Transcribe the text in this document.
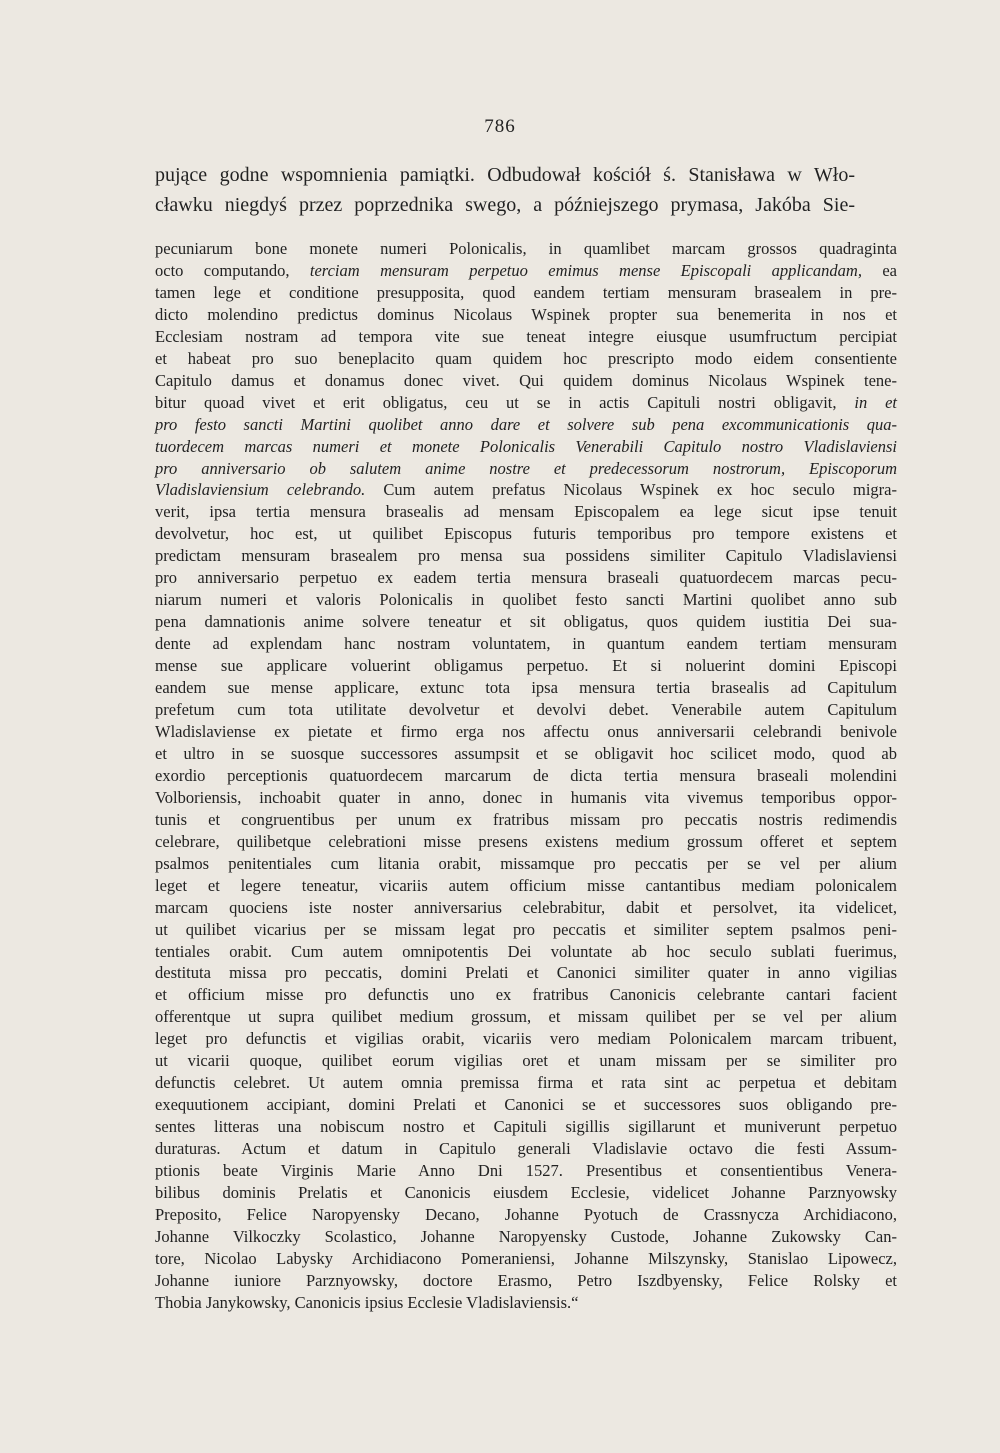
786
pujące godne wspomnienia pamiątki. Odbudował kościół ś. Stanisława w Wło-
cławku niegdyś przez poprzednika swego, a późniejszego prymasa, Jakóba Sie-
pecuniarum bone monete numeri Polonicalis, in quamlibet marcam grossos quadraginta
octo computando, terciam mensuram perpetuo emimus mense Episcopali applicandam, ea
tamen lege et conditione presupposita, quod eandem tertiam mensuram brasealem in pre-
dicto molendino predictus dominus Nicolaus Wspinek propter sua benemerita in nos et
Ecclesiam nostram ad tempora vite sue teneat integre eiusque usumfructum percipiat
et habeat pro suo beneplacito quam quidem hoc prescripto modo eidem consentiente
Capitulo damus et donamus donec vivet. Qui quidem dominus Nicolaus Wspinek tene-
bitur quoad vivet et erit obligatus, ceu ut se in actis Capituli nostri obligavit, in et
pro festo sancti Martini quolibet anno dare et solvere sub pena excommunicationis qua-
tuordecem marcas numeri et monete Polonicalis Venerabili Capitulo nostro Vladislaviensi
pro anniversario ob salutem anime nostre et predecessorum nostrorum, Episcoporum
Vladislaviensium celebrando. Cum autem prefatus Nicolaus Wspinek ex hoc seculo migra-
verit, ipsa tertia mensura brasealis ad mensam Episcopalem ea lege sicut ipse tenuit
devolvetur, hoc est, ut quilibet Episcopus futuris temporibus pro tempore existens et
predictam mensuram brasealem pro mensa sua possidens similiter Capitulo Vladislaviensi
pro anniversario perpetuo ex eadem tertia mensura braseali quatuordecem marcas pecu-
niarum numeri et valoris Polonicalis in quolibet festo sancti Martini quolibet anno sub
pena damnationis anime solvere teneatur et sit obligatus, quos quidem iustitia Dei sua-
dente ad explendam hanc nostram voluntatem, in quantum eandem tertiam mensuram
mense sue applicare voluerint obligamus perpetuo. Et si noluerint domini Episcopi
eandem sue mense applicare, extunc tota ipsa mensura tertia brasealis ad Capitulum
prefetum cum tota utilitate devolvetur et devolvi debet. Venerabile autem Capitulum
Wladislaviense ex pietate et firmo erga nos affectu onus anniversarii celebrandi benivole
et ultro in se suosque successores assumpsit et se obligavit hoc scilicet modo, quod ab
exordio perceptionis quatuordecem marcarum de dicta tertia mensura braseali molendini
Volboriensis, inchoabit quater in anno, donec in humanis vita vivemus temporibus oppor-
tunis et congruentibus per unum ex fratribus missam pro peccatis nostris redimendis
celebrare, quilibetque celebrationi misse presens existens medium grossum offeret et septem
psalmos penitentiales cum litania orabit, missamque pro peccatis per se vel per alium
leget et legere teneatur, vicariis autem officium misse cantantibus mediam polonicalem
marcam quociens iste noster anniversarius celebrabitur, dabit et persolvet, ita videlicet,
ut quilibet vicarius per se missam legat pro peccatis et similiter septem psalmos peni-
tentiales orabit. Cum autem omnipotentis Dei voluntate ab hoc seculo sublati fuerimus,
destituta missa pro peccatis, domini Prelati et Canonici similiter quater in anno vigilias
et officium misse pro defunctis uno ex fratribus Canonicis celebrante cantari facient
offerentque ut supra quilibet medium grossum, et missam quilibet per se vel per alium
leget pro defunctis et vigilias orabit, vicariis vero mediam Polonicalem marcam tribuent,
ut vicarii quoque, quilibet eorum vigilias oret et unam missam per se similiter pro
defunctis celebret. Ut autem omnia premissa firma et rata sint ac perpetua et debitam
exequutionem accipiant, domini Prelati et Canonici se et successores suos obligando pre-
sentes litteras una nobiscum nostro et Capituli sigillis sigillarunt et muniverunt perpetuo
duraturas. Actum et datum in Capitulo generali Vladislavie octavo die festi Assum-
ptionis beate Virginis Marie Anno Dni 1527. Presentibus et consentientibus Venera-
bilibus dominis Prelatis et Canonicis eiusdem Ecclesie, videlicet Johanne Parznyowsky
Preposito, Felice Naropyensky Decano, Johanne Pyotuch de Crassnycza Archidiacono,
Johanne Vilkoczky Scolastico, Johanne Naropyensky Custode, Johanne Zukowsky Can-
tore, Nicolao Labysky Archidiacono Pomeraniensi, Johanne Milszynsky, Stanislao Lipowecz,
Johanne iuniore Parznyowsky, doctore Erasmo, Petro Iszdbyensky, Felice Rolsky et
Thobia Janykowsky, Canonicis ipsius Ecclesie Vladislaviensis.“
